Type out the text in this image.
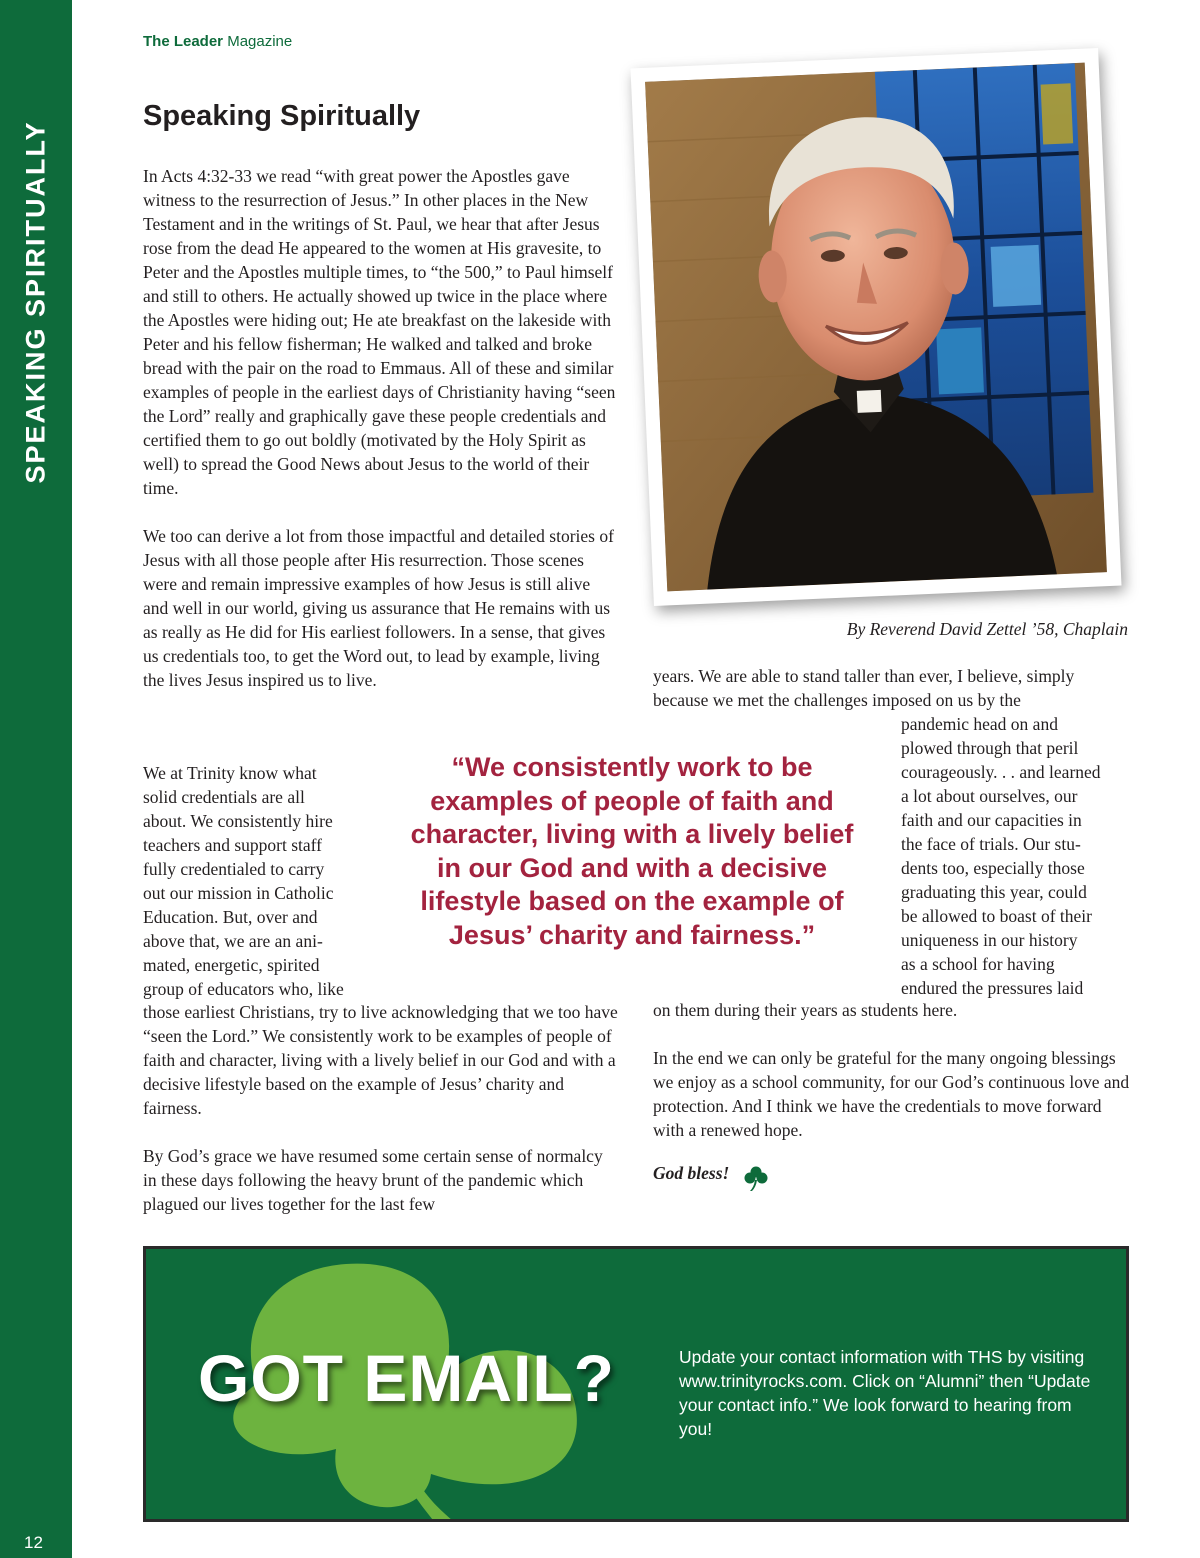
SPEAKING SPIRITUALLY
12
The Leader Magazine
Speaking Spiritually

In Acts 4:32-33 we read “with great power the Apostles gave witness to the resurrection of Jesus.” In other places in the New Testament and in the writings of St. Paul, we hear that after Jesus rose from the dead He appeared to the women at His gravesite, to Peter and the Apostles multiple times, to “the 500,” to Paul himself and still to others. He actually showed up twice in the place where the Apostles were hiding out; He ate breakfast on the lakeside with Peter and his fellow fisherman; He walked and talked and broke bread with the pair on the road to Emmaus. All of these and similar examples of people in the earliest days of Christianity having “seen the Lord” really and graphically gave these people credentials and certified them to go out boldly (motivated by the Holy Spirit as well) to spread the Good News about Jesus to the world of their time.

We too can derive a lot from those impactful and detailed stories of Jesus with all those people after His resurrection. Those scenes were and remain impressive examples of how Jesus is still alive and well in our world, giving us assurance that He remains with us as really as He did for His earliest followers. In a sense, that gives us credentials too, to get the Word out, to lead by example, living the lives Jesus inspired us to live.

We at Trinity know what
solid credentials are all
about. We consistently hire
teachers and support staff
fully credentialed to carry
out our mission in Catholic
Education. But, over and
above that, we are an ani-
mated, energetic, spirited
group of educators who, like

those earliest Christians, try to live acknowledging that we too have “seen the Lord.” We consistently work to be examples of people of faith and character, living with a lively belief in our God and with a decisive lifestyle based on the example of Jesus’ charity and fairness.

By God’s grace we have resumed some certain sense of normalcy in these days following the heavy brunt of the pandemic which plagued our lives together for the last few

By Reverend David Zettel ’58, Chaplain
years. We are able to stand taller than ever, I believe, simply
because we met the challenges imposed on us by the
pandemic head on and
plowed through that peril
courageously. . . and learned
a lot about ourselves, our
faith and our capacities in
the face of trials. Our stu-
dents too, especially those
graduating this year, could
be allowed to boast of their
uniqueness in our history
as a school for having
endured the pressures laid

on them during their years as students here.

In the end we can only be grateful for the many ongoing blessings we enjoy as a school community, for our God’s continuous love and protection. And I think we have the credentials to move forward with a renewed hope.

“We consistently work to be
examples of people of faith and
character, living with a lively belief
in our God and with a decisive
lifestyle based on the example of
Jesus’ charity and fairness.”
God bless!
GOT EMAIL?	Update your contact information with THS by visiting www.trinityrocks.com. Click on “Alumni” then “Update your contact info.” We look forward to hearing from you!
